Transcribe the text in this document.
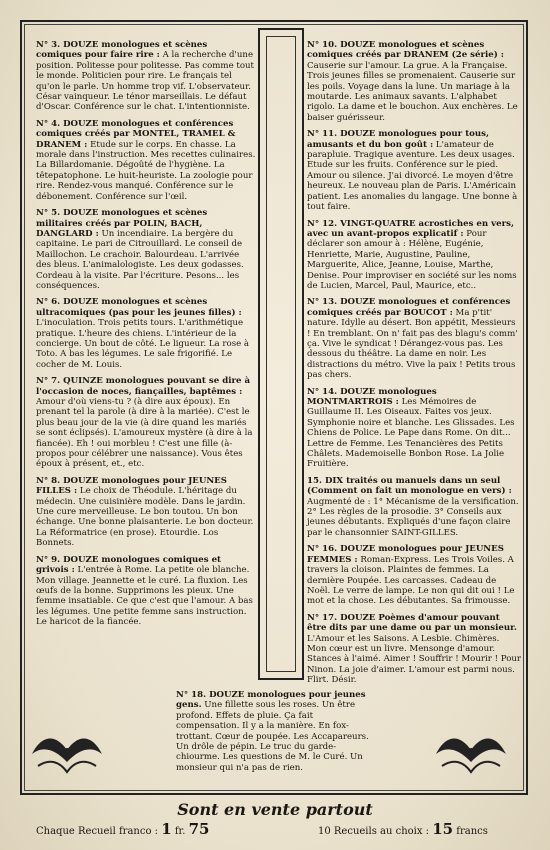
N° 3. DOUZE monologues et scènes comiques pour faire rire : A la recherche d'une position. Politesse pour politesse. Pas comme tout le monde. Politicien pour rire. Le français tel qu'on le parle. Un homme trop vif. L'observateur. César vainqueur. Le ténor marseillais. Le défaut d'Oscar. Conférence sur le chat. L'intentionniste.
N° 4. DOUZE monologues et conférences comiques créés par MONTEL, TRAMEL & DRANEM : Etude sur le corps. En chasse. La morale dans l'instruction. Mes recettes culinaires. La Billardomanie. Dégoûté de l'hygiène. La têtepatophone. Le huit-heuriste. La zoologie pour rire. Rendez-vous manqué. Conférence sur le débonement. Conférence sur l'œil.
N° 5. DOUZE monologues et scènes militaires créés par POLIN, BACH, DANGLARD : Un incendiaire. La bergère du capitaine. Le pari de Citrouillard. Le conseil de Maillochon. Le crachoir. Balourdeau. L'arrivée des bleus. L'animalologiste. Les deux godasses. Cordeau à la visite. Par l'écriture. Pesons... les conséquences.
N° 6. DOUZE monologues et scènes ultracomiques (pas pour les jeunes filles) : L'inoculation. Trois petits tours. L'arithmétique pratique. L'heure des chiens. L'intérieur de la concierge. Un bout de côté. Le ligueur. La rose à Toto. A bas les légumes. Le sale frigorifié. Le cocher de M. Louis.
N° 7. QUINZE monologues pouvant se dire à l'occasion de noces, fiançailles, baptêmes : Amour d'où viens-tu ? (à dire aux époux). En prenant tel la parole (à dire à la mariée). C'est le plus beau jour de la vie (à dire quand les mariés se sont éclipsés). L'amoureux mystère (à dire à la fiancée). Eh ! oui morbleu ! C'est une fille (à-propos pour célébrer une naissance). Vous êtes époux à présent, et., etc.
N° 8. DOUZE monologues pour JEUNES FILLES : Le choix de Théodule. L'héritage du médecin. Une cuisinière modèle. Dans le jardin. Une cure merveilleuse. Le bon toutou. Un bon échange. Une bonne plaisanterie. Le bon docteur. La Réformatrice (en prose). Etourdie. Los Bonnets.
N° 9. DOUZE monologues comiques et grivois : L'entrée à Rome. La petite ole blanche. Mon village. Jeannette et le curé. La fluxion. Les œufs de la bonne. Supprimons les pieux. Une femme insatiable. Ce que c'est que l'amour. A bas les légumes. Une petite femme sans instruction. Le haricot de la fiancée.
N° 10. DOUZE monologues et scènes comiques créés par DRANEM (2e série) : Causerie sur l'amour. La grue. A la Française. Trois jeunes filles se promenaient. Causerie sur les poils. Voyage dans la lune. Un mariage à la moutarde. Les animaux savants. L'alphabet rigolo. La dame et le bouchon. Aux enchères. Le baiser guérisseur.
N° 11. DOUZE monologues pour tous, amusants et du bon goût : L'amateur de parapluie. Tragique aventure. Les deux usages. Etude sur les fruits. Conférence sur le pied. Amour ou silence. J'ai divorcé. Le moyen d'être heureux. Le nouveau plan de Paris. L'Américain patient. Les anomalies du langage. Une bonne à tout faire.
N° 12. VINGT-QUATRE acrostiches en vers, avec un avant-propos explicatif : Pour déclarer son amour à : Hélène, Eugénie, Henriette, Marie, Augustine, Pauline, Marguerite, Alice, Jeanne, Louise, Marthe, Denise. Pour improviser en société sur les noms de Lucien, Marcel, Paul, Maurice, etc..
N° 13. DOUZE monologues et conférences comiques créés par BOUCOT : Ma p'tit' nature. Idylle au désert. Bon appétit, Messieurs ! En tremblant. On n' fait pas des blagu's comm' ça. Vive le syndicat ! Dérangez-vous pas. Les dessous du théâtre. La dame en noir. Les distractions du métro. Vive la paix ! Petits trous pas chers.
N° 14. DOUZE monologues MONTMARTROIS : Les Mémoires de Guillaume II. Les Oiseaux. Faites vos jeux. Symphonie noire et blanche. Les Glissades. Les Chiens de Police. Le Pape dans Rome. On dit... Lettre de Femme. Les Tenancières des Petits Châlets. Mademoiselle Bonbon Rose. La Jolie Fruitière.
15. DIX traités ou manuels dans un seul (Comment on fait un monologue en vers) : Augmenté de : 1° Mécanisme de la versification. 2° Les règles de la prosodie. 3° Conseils aux jeunes débutants. Expliqués d'une façon claire par le chansonnier SAINT-GILLES.
N° 16. DOUZE monologues pour JEUNES FEMMES : Roman-Express. Les Trois Voiles. A travers la cloison. Plaintes de femmes. La dernière Poupée. Les carcasses. Cadeau de Noël. Le verre de lampe. Le non qui dit oui ! Le mot et la chose. Les débutantes. Sa frimousse.
N° 17. DOUZE Poèmes d'amour pouvant être dits par une dame ou par un monsieur. L'Amour et les Saisons. A Lesbie. Chimères. Mon cœur est un livre. Mensonge d'amour. Stances à l'aimé. Aimer ! Souffrir ! Mourir ! Pour Ninon. La joie d'aimer. L'amour est parmi nous. Flirt. Désir.
N° 18. DOUZE monologues pour jeunes gens. Une fillette sous les roses. Un être profond. Effets de pluie. Ça fait compensation. Il y a la manière. En fox-trottant. Cœur de poupée. Les Accapareurs. Un drôle de pépin. Le truc du garde-chiourme. Les questions de M. le Curé. Un monsieur qui n'a pas de rien.
Sont en vente partout
Chaque Recueil franco : 1 fr. 75	10 Recueils au choix : 15 francs
